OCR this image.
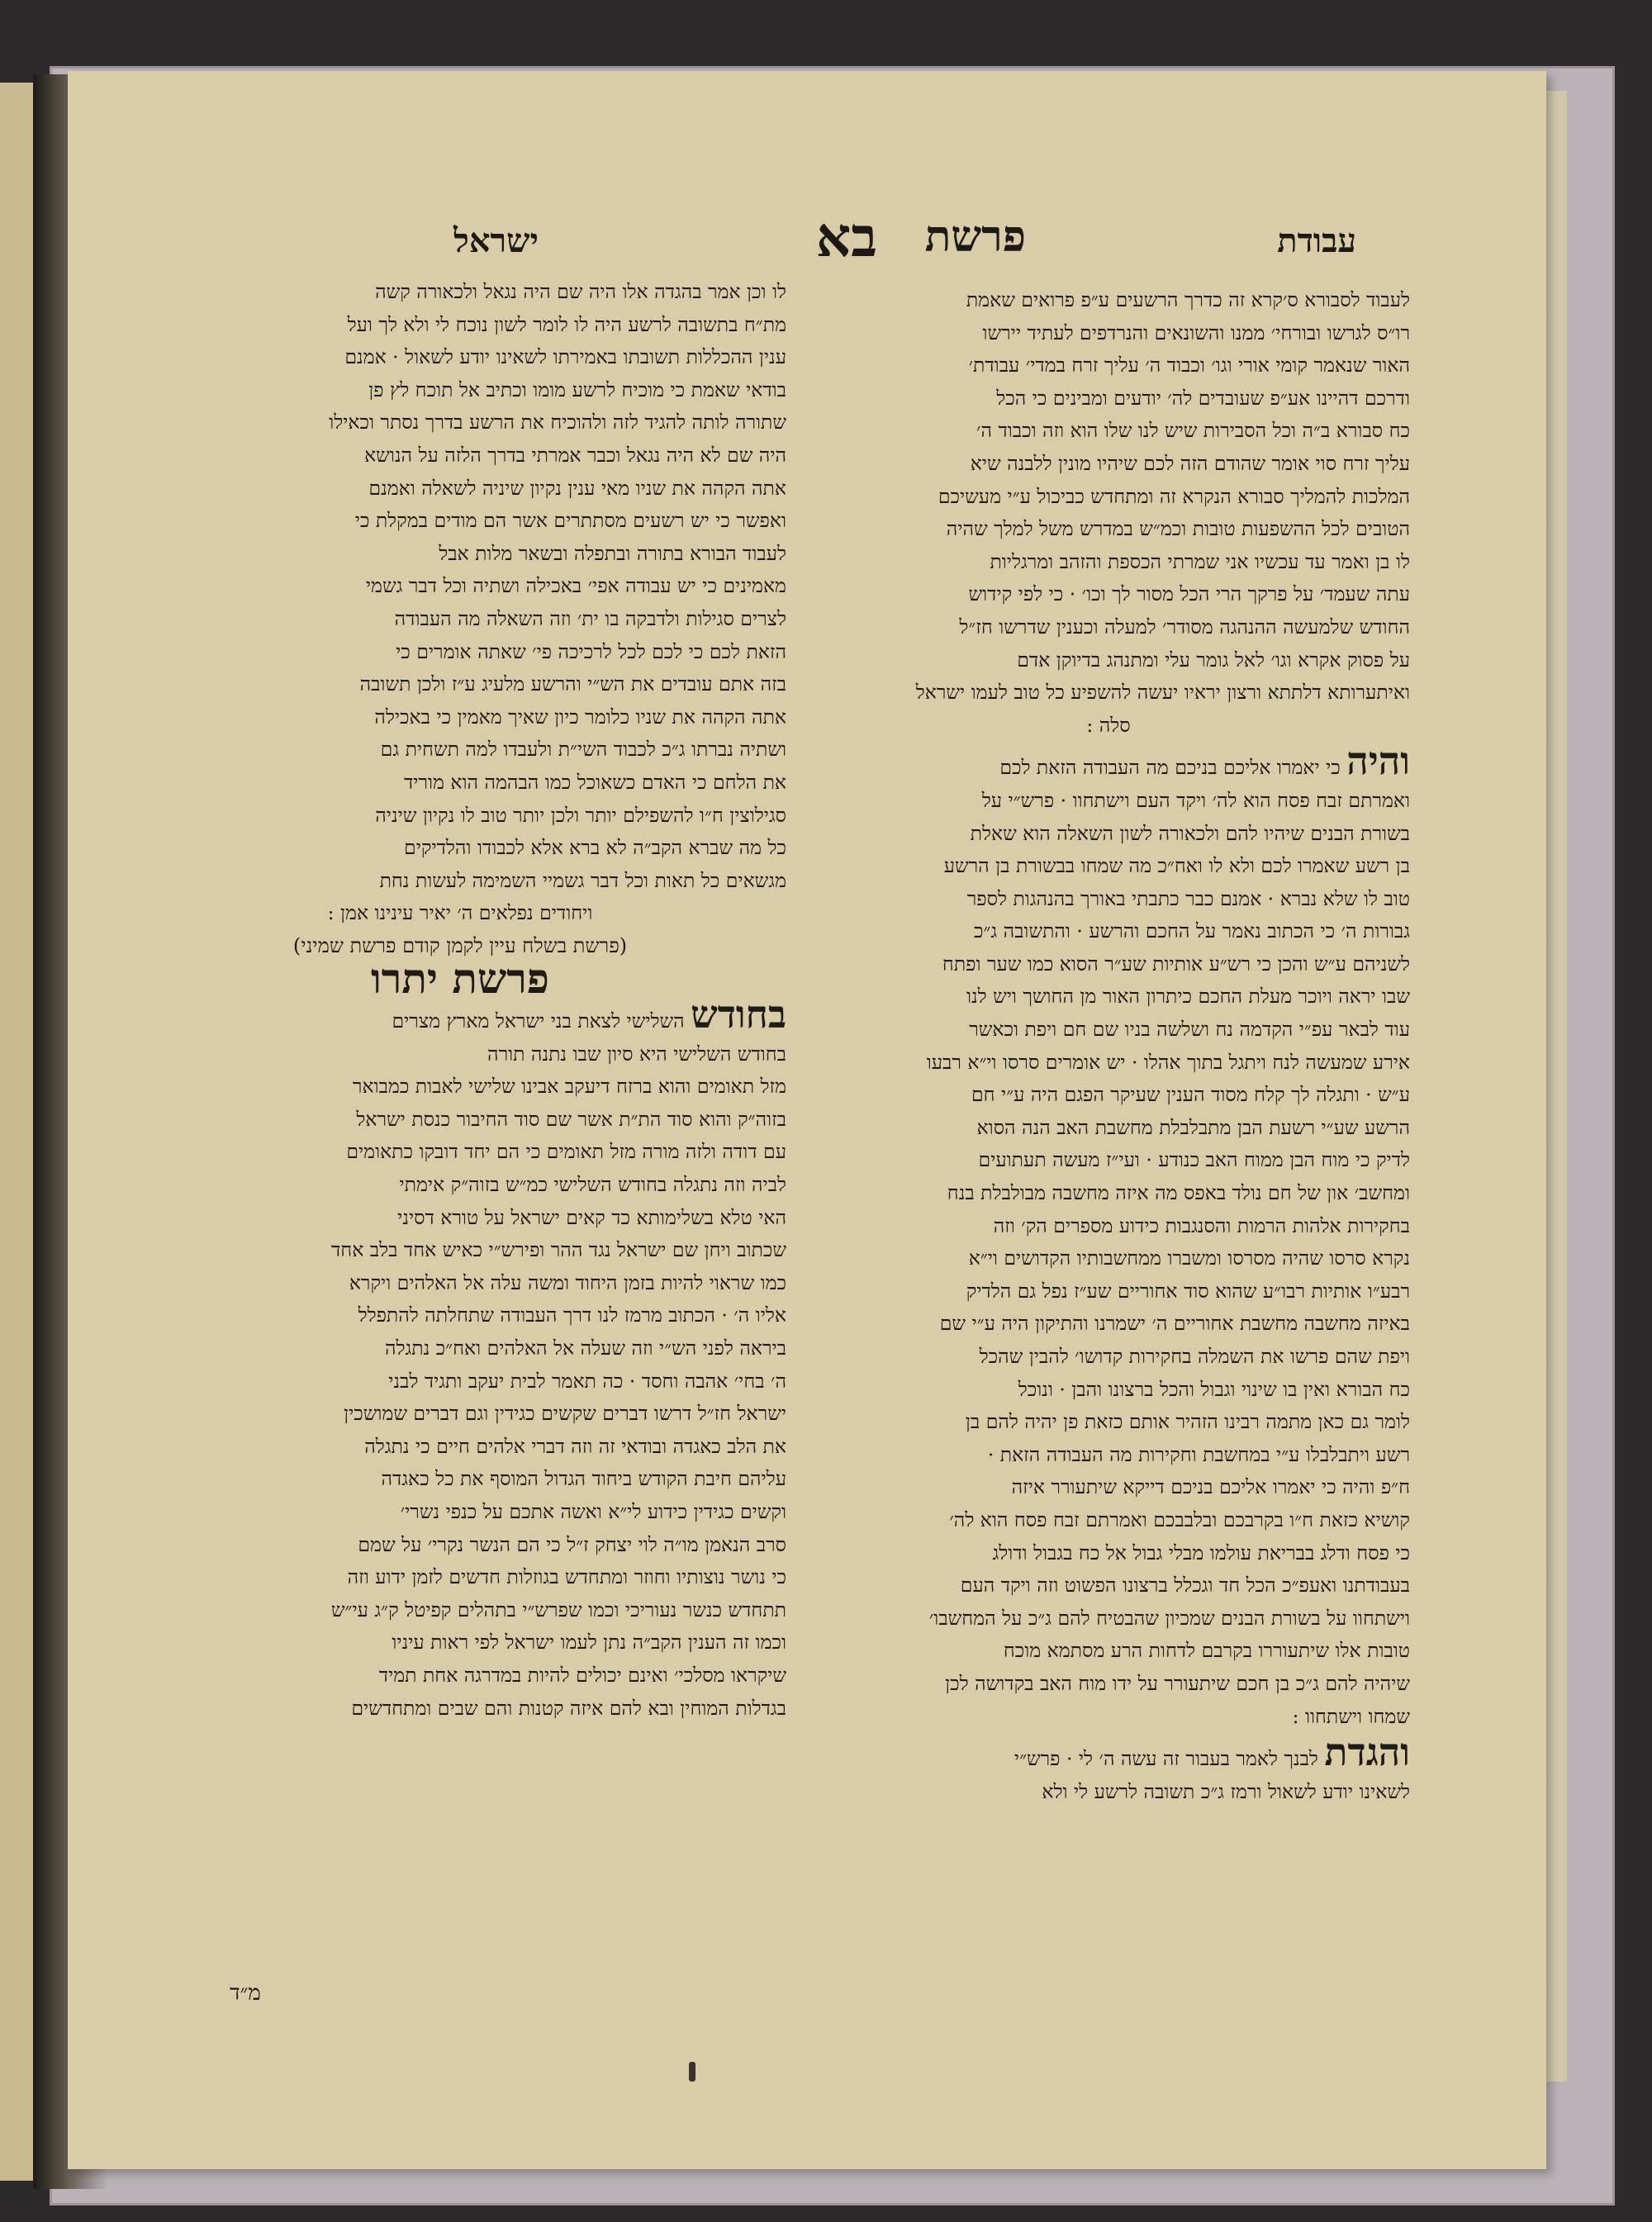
עבודת
פרשת
בא
ישראל

לעבוד לסבורא ס׳קרא זה כדרך הרשעים ע״פ פרואים שאמת

רו״ס לגרשו ובורחי׳ ממנו והשונאים והנרדפים לעתיד יירשו

האור שנאמר קומי אורי וגו׳ וכבוד ה׳ עליך זרח במדי׳ עבודת׳

ודרכם דהיינו אע״פ שעובדים לה׳ יודעים ומבינים כי הכל

כח סבורא ב״ה וכל הסבירות שיש לנו שלו הוא וזה וכבוד ה׳

עליך זרח סוי אומר שהודם הזה לכם שיהיו מונין ללבנה שיא

המלכות להמליך סבורא הנקרא זה ומתחדש כביכול ע״י מעשיכם

הטובים לכל ההשפעות טובות וכמ״ש במדרש משל למלך שהיה

לו בן ואמר עד עכשיו אני שמרתי הכספת והזהב ומרגליות

עתה שעמד׳ על פרקך הרי הכל מסור לך וכו׳ · כי לפי קידוש

החודש שלמעשה ההנהגה מסודר׳ למעלה וכענין שדרשו חז״ל

על פסוק אקרא וגו׳ לאל גומר עלי ומתנהג בדיוקן אדם

ואיתערותא דלתתא ורצון יראיו יעשה להשפיע כל טוב לעמו ישראל

סלה :

והיה כי יאמרו אליכם בניכם מה העבודה הזאת לכם

ואמרתם זבח פסח הוא לה׳ ויקד העם וישתחוו · פרש״י על

בשורת הבנים שיהיו להם ולכאורה לשון השאלה הוא שאלת

בן רשע שאמרו לכם ולא לו ואח״כ מה שמחו בבשורת בן הרשע

טוב לו שלא נברא · אמנם כבר כתבתי באורך בהנהגות לספר

גבורות ה׳ כי הכתוב נאמר על החכם והרשע · והתשובה ג״כ

לשניהם ע״ש והכן כי רש״ע אותיות שע״ר הסוא כמו שער ופתח

שבו יראה ויוכר מעלת החכם כיתרון האור מן החושך ויש לנו

עוד לבאר עפ״י הקדמה נח ושלשה בניו שם חם ויפת וכאשר

אירע שמעשה לנח ויתגל בתוך אהלו · יש אומרים סרסו וי״א רבעו

ע״ש · ותגלה לך קלח מסוד הענין שעיקר הפגם היה ע״י חם

הרשע שע״י רשעת הבן מתבלבלת מחשבת האב הנה הסוא

לדיק כי מוח הבן ממוח האב כנודע · ועי״ז מעשה תעתועים

ומחשב׳ און של חם נולד באפס מה איזה מחשבה מבולבלת בנח

בחקירות אלהות הרמות והסנגבות כידוע מספרים הק׳ וזה

נקרא סרסו שהיה מסרסו ומשברו ממחשבותיו הקדושים וי״א

רבע״ו אותיות רבו״ע שהוא סוד אחוריים שע״ז נפל גם הלדיק

באיזה מחשבה מחשבת אחוריים ה׳ ישמרנו והתיקון היה ע״י שם

ויפת שהם פרשו את השמלה בחקירות קדושו׳ להבין שהכל

כח הבורא ואין בו שינוי וגבול והכל ברצונו והבן · ונוכל

לומר גם כאן מתמה רבינו הזהיר אותם כזאת פן יהיה להם בן

רשע ויתבלבלו ע״י במחשבת וחקירות מה העבודה הזאת ·

ח״פ והיה כי יאמרו אליכם בניכם דייקא שיתעורר איזה

קושיא כזאת ח״ו בקרבכם ובלבבכם ואמרתם זבח פסח הוא לה׳

כי פסח ודלג בבריאת עולמו מבלי גבול אל כח בגבול ודולג

בעבודתנו ואעפ״כ הכל חד וגכלל ברצונו הפשוט וזה ויקד העם

וישתחוו על בשורת הבנים שמכיון שהבטיח להם ג״כ על המחשבו׳

טובות אלו שיתעוררו בקרבם לדחות הרע מסתמא מוכח

שיהיה להם ג״כ בן חכם שיתעורר על ידו מוח האב בקדושה לכן

שמחו וישתחוו :

והגדת לבנך לאמר בעבור זה עשה ה׳ לי · פרש״י

לשאינו יודע לשאול ורמז ג״כ תשובה לרשע לי ולא

לו וכן אמר בהגדה אלו היה שם היה נגאל ולכאורה קשה

מת״ח בתשובה לרשע היה לו לומר לשון נוכח לי ולא לך ועל

ענין ההכללות תשובתו באמירתו לשאינו יודע לשאול · אמנם

בודאי שאמת כי מוכיח לרשע מומו וכתיב אל תוכח לץ פן

שתורה לותה להגיד לזה ולהוכיח את הרשע בדרך נסתר וכאילו

היה שם לא היה נגאל וכבר אמרתי בדרך הלזה על הנושא

אתה הקהה את שניו מאי ענין נקיון שיניה לשאלה ואמנם

ואפשר כי יש רשעים מסתתרים אשר הם מודים במקלת כי

לעבוד הבורא בתורה ובתפלה ובשאר מלות אבל

מאמינים כי יש עבודה אפי׳ באכילה ושתיה וכל דבר גשמי

לצרים סגילות ולדבקה בו ית׳ וזה השאלה מה העבודה

הזאת לכם כי לכם לכל לרכיכה פי׳ שאתה אומרים כי

בזה אתם עובדים את הש״י והרשע מלעיג ע״ז ולכן תשובה

אתה הקהה את שניו כלומר כיון שאיך מאמין כי באכילה

ושתיה נברתו ג״כ לכבוד השי״ת ולעבדו למה תשחית גם

את הלחם כי האדם כשאוכל כמו הבהמה הוא מוריד

סגילוצין ח״ו להשפילם יותר ולכן יותר טוב לו נקיון שיניה

כל מה שברא הקב״ה לא ברא אלא לכבודו והלדיקים

מגשאים כל תאות וכל דבר גשמיי השמימה לעשות נחת

ויחודים נפלאים ה׳ יאיר עינינו אמן :

(פרשת בשלח עיין לקמן קודם פרשת שמיני)

פרשת יתרו

בחודש השלישי לצאת בני ישראל מארץ מצרים

בחודש השלישי היא סיון שבו נתנה תורה

מזל תאומים והוא ברזח דיעקב אבינו שלישי לאבות כמבואר

בזוה״ק והוא סוד הת״ת אשר שם סוד החיבור כנסת ישראל

עם דודה ולזה מורה מזל תאומים כי הם יחד דובקו כתאומים

לביה וזה נתגלה בחודש השלישי כמ״ש בזוה״ק אימתי

האי טלא בשלימותא כד קאים ישראל על טורא דסיני

שכתוב ויחן שם ישראל נגד ההר ופירש״י כאיש אחד בלב אחד

כמו שראוי להיות בזמן היחוד ומשה עלה אל האלהים ויקרא

אליו ה׳ · הכתוב מרמז לנו דרך העבודה שתחלתה להתפלל

ביראה לפני הש״י וזה שעלה אל האלהים ואח״כ נתגלה

ה׳ בחי׳ אהבה וחסד · כה תאמר לבית יעקב ותגיד לבני

ישראל חז״ל דרשו דברים שקשים כגידין וגם דברים שמושכין

את הלב כאגדה ובודאי זה וזה דברי אלהים חיים כי נתגלה

עליהם חיבת הקודש ביחוד הגדול המוסף את כל כאגדה

וקשים כגידין כידוע לי״א ואשה אתכם על כנפי נשרי׳

סרב הנאמן מו״ה לוי יצחק ז״ל כי הם הנשר נקרי׳ על שמם

כי נושר נוצותיו וחוזר ומתחדש בגוזלות חדשים לזמן ידוע וזה

תתחדש כנשר נעוריכי וכמו שפרש״י בתהלים קפיטל ק״ג עי״ש

וכמו זה הענין הקב״ה נתן לעמו ישראל לפי ראות עיניו

שיקראו מסלכי׳ ואינם יכולים להיות במדרגה אחת תמיד

בגדלות המוחין ובא להם איזה קטנות והם שבים ומתחדשים

מ״ד
